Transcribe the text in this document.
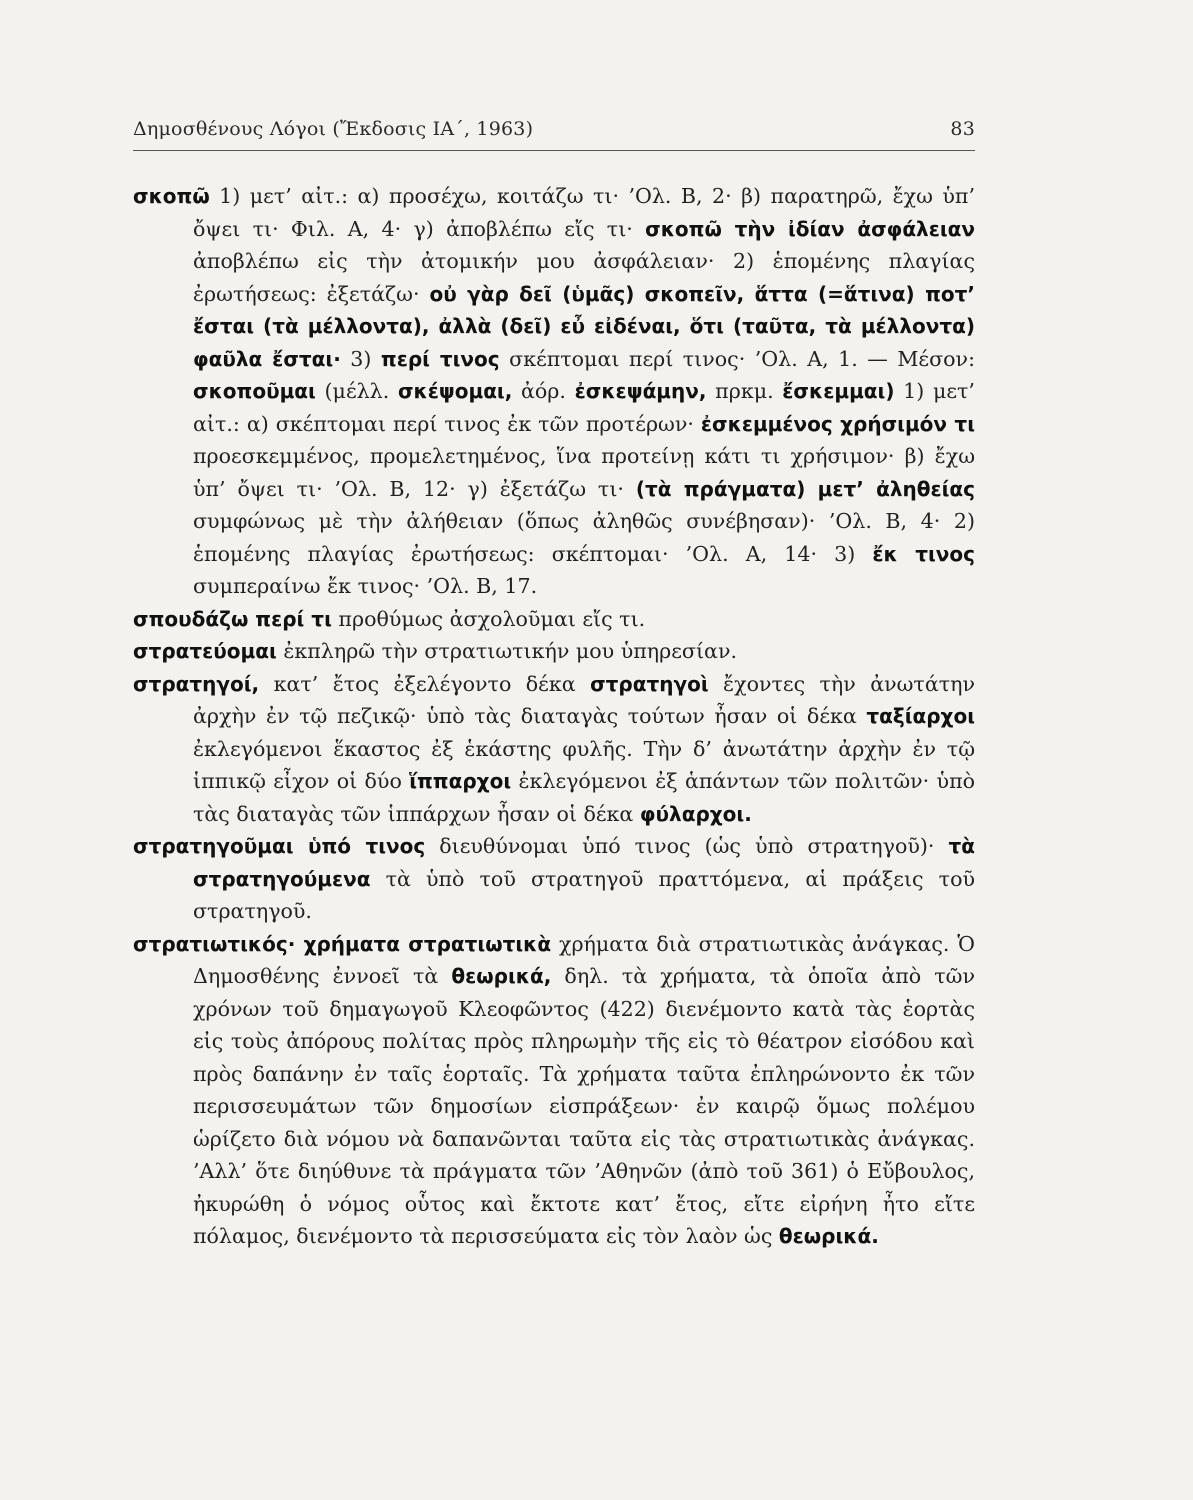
Δημοσθένους Λόγοι (Ἔκδοσις ΙΑ΄, 1963)	83

σκοπῶ 1) μετ’ αἰτ.: α) προσέχω, κοιτάζω τι· ’Ολ. Β, 2· β) παρατηρῶ, ἔχω ὑπ’ ὄψει τι· Φιλ. Α, 4· γ) ἀποβλέπω εἴς τι· σκοπῶ τὴν ἰδίαν ἀσφάλειαν ἀποβλέπω εἰς τὴν ἀτομικήν μου ἀσφάλειαν· 2) ἑπομένης πλαγίας ἐρωτήσεως: ἐξετάζω· οὐ γὰρ δεῖ (ὑμᾶς) σκοπεῖν, ἅττα (=ἅτινα) ποτ’ ἔσται (τὰ μέλλοντα), ἀλλὰ (δεῖ) εὖ εἰδέναι, ὅτι (ταῦτα, τὰ μέλλοντα) φαῦλα ἔσται· 3) περί τινος σκέπτομαι περί τινος· ’Ολ. Α, 1. — Μέσον: σκοποῦμαι (μέλλ. σκέψομαι, ἀόρ. ἐσκεψάμην, πρκμ. ἔσκεμμαι) 1) μετ’ αἰτ.: α) σκέπτομαι περί τινος ἐκ τῶν προτέρων· ἐσκεμμένος χρήσιμόν τι προεσκεμμένος, προμελετημένος, ἵνα προτείνῃ κάτι τι χρήσιμον· β) ἔχω ὑπ’ ὄψει τι· ’Ολ. Β, 12· γ) ἐξετάζω τι· (τὰ πράγματα) μετ’ ἀληθείας συμφώνως μὲ τὴν ἀλήθειαν (ὅπως ἀληθῶς συνέβησαν)· ’Ολ. Β, 4· 2) ἑπομένης πλαγίας ἐρωτήσεως: σκέπτομαι· ’Ολ. Α, 14· 3) ἔκ τινος συμπεραίνω ἔκ τινος· ’Ολ. Β, 17.

σπουδάζω περί τι προθύμως ἀσχολοῦμαι εἴς τι.

στρατεύομαι ἐκπληρῶ τὴν στρατιωτικήν μου ὑπηρεσίαν.

στρατηγοί, κατ’ ἔτος ἐξελέγοντο δέκα στρατηγοὶ ἔχοντες τὴν ἀνωτάτην ἀρχὴν ἐν τῷ πεζικῷ· ὑπὸ τὰς διαταγὰς τούτων ἦσαν οἱ δέκα ταξίαρχοι ἐκλεγόμενοι ἕκαστος ἐξ ἑκάστης φυλῆς. Τὴν δ’ ἀνωτάτην ἀρχὴν ἐν τῷ ἱππικῷ εἶχον οἱ δύο ἵππαρχοι ἐκλεγόμενοι ἐξ ἁπάντων τῶν πολιτῶν· ὑπὸ τὰς διαταγὰς τῶν ἱππάρχων ἦσαν οἱ δέκα φύλαρχοι.

στρατηγοῦμαι ὑπό τινος διευθύνομαι ὑπό τινος (ὡς ὑπὸ στρατηγοῦ)· τὰ στρατηγούμενα τὰ ὑπὸ τοῦ στρατηγοῦ πραττόμενα, αἱ πράξεις τοῦ στρατηγοῦ.

στρατιωτικός· χρήματα στρατιωτικὰ χρήματα διὰ στρατιωτικὰς ἀνάγκας. Ὁ Δημοσθένης ἐννοεῖ τὰ θεωρικά, δηλ. τὰ χρήματα, τὰ ὁποῖα ἀπὸ τῶν χρόνων τοῦ δημαγωγοῦ Κλεοφῶντος (422) διενέμοντο κατὰ τὰς ἑορτὰς εἰς τοὺς ἀπόρους πολίτας πρὸς πληρωμὴν τῆς εἰς τὸ θέατρον εἰσόδου καὶ πρὸς δαπάνην ἐν ταῖς ἑορταῖς. Τὰ χρήματα ταῦτα ἐπληρώνοντο ἐκ τῶν περισσευμάτων τῶν δημοσίων εἰσπράξεων· ἐν καιρῷ ὅμως πολέμου ὡρίζετο διὰ νόμου νὰ δαπανῶνται ταῦτα εἰς τὰς στρατιωτικὰς ἀνάγκας. ’Αλλ’ ὅτε διηύθυνε τὰ πράγματα τῶν ’Αθηνῶν (ἀπὸ τοῦ 361) ὁ Εὔβουλος, ἠκυρώθη ὁ νόμος οὗτος καὶ ἔκτοτε κατ’ ἔτος, εἴτε εἰρήνη ἦτο εἴτε πόλαμος, διενέμοντο τὰ περισσεύματα εἰς τὸν λαὸν ὡς θεωρικά.
